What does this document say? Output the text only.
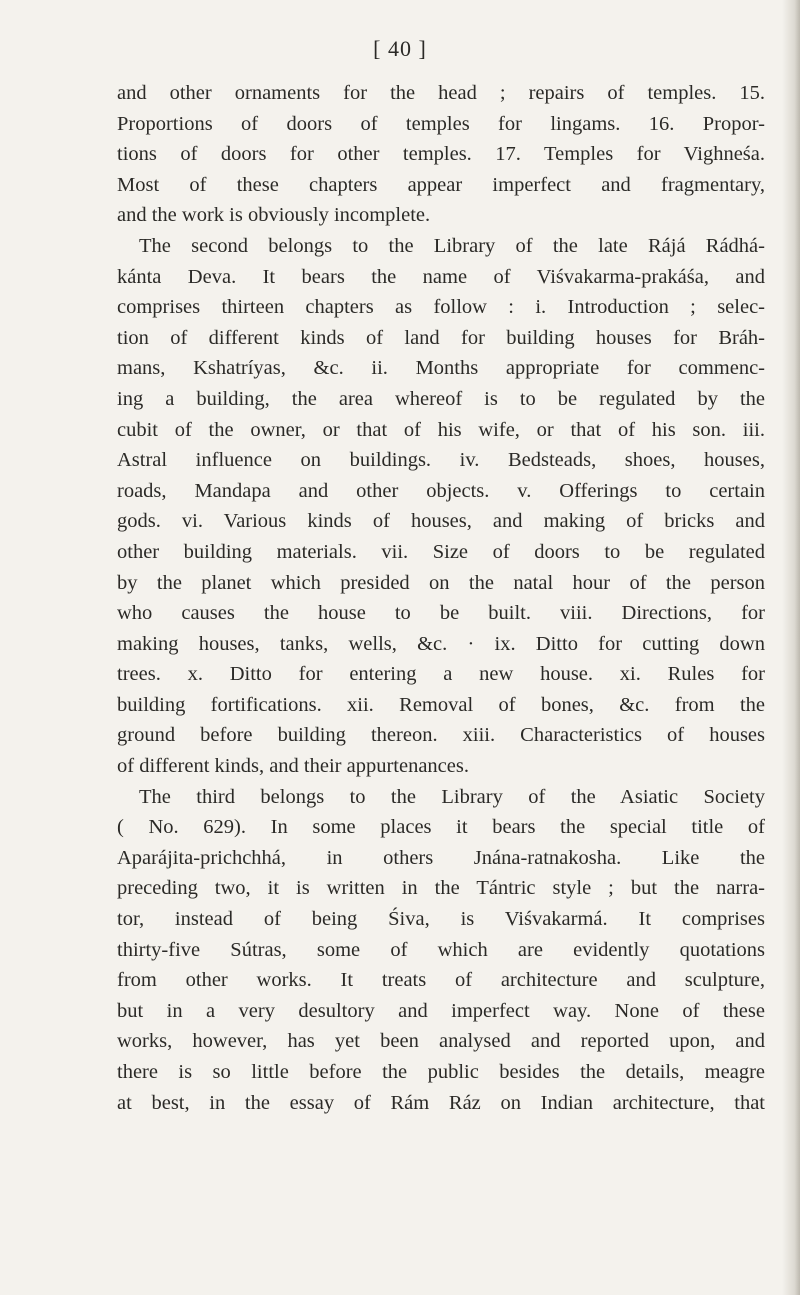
[ 40 ]
and other ornaments for the head ; repairs of temples. 15.
Proportions of doors of temples for lingams. 16. Propor-
tions of doors for other temples. 17. Temples for Vighneśa.
Most of these chapters appear imperfect and fragmentary,
and the work is obviously incomplete.
The second belongs to the Library of the late Rájá Rádhá-
kánta Deva. It bears the name of Viśvakarma-prakáśa, and
comprises thirteen chapters as follow : i. Introduction ; selec-
tion of different kinds of land for building houses for Bráh-
mans, Kshatríyas, &c. ii. Months appropriate for commenc-
ing a building, the area whereof is to be regulated by the
cubit of the owner, or that of his wife, or that of his son. iii.
Astral influence on buildings. iv. Bedsteads, shoes, houses,
roads, Mandapa and other objects. v. Offerings to certain
gods. vi. Various kinds of houses, and making of bricks and
other building materials. vii. Size of doors to be regulated
by the planet which presided on the natal hour of the person
who causes the house to be built. viii. Directions, for
making houses, tanks, wells, &c. · ix. Ditto for cutting down
trees. x. Ditto for entering a new house. xi. Rules for
building fortifications. xii. Removal of bones, &c. from the
ground before building thereon. xiii. Characteristics of houses
of different kinds, and their appurtenances.
The third belongs to the Library of the Asiatic Society
( No. 629). In some places it bears the special title of
Aparájita-prichchhá, in others Jnána-ratnakosha. Like the
preceding two, it is written in the Tántric style ; but the narra-
tor, instead of being Śiva, is Viśvakarmá. It comprises
thirty-five Sútras, some of which are evidently quotations
from other works. It treats of architecture and sculpture,
but in a very desultory and imperfect way. None of these
works, however, has yet been analysed and reported upon, and
there is so little before the public besides the details, meagre
at best, in the essay of Rám Ráz on Indian architecture, that
